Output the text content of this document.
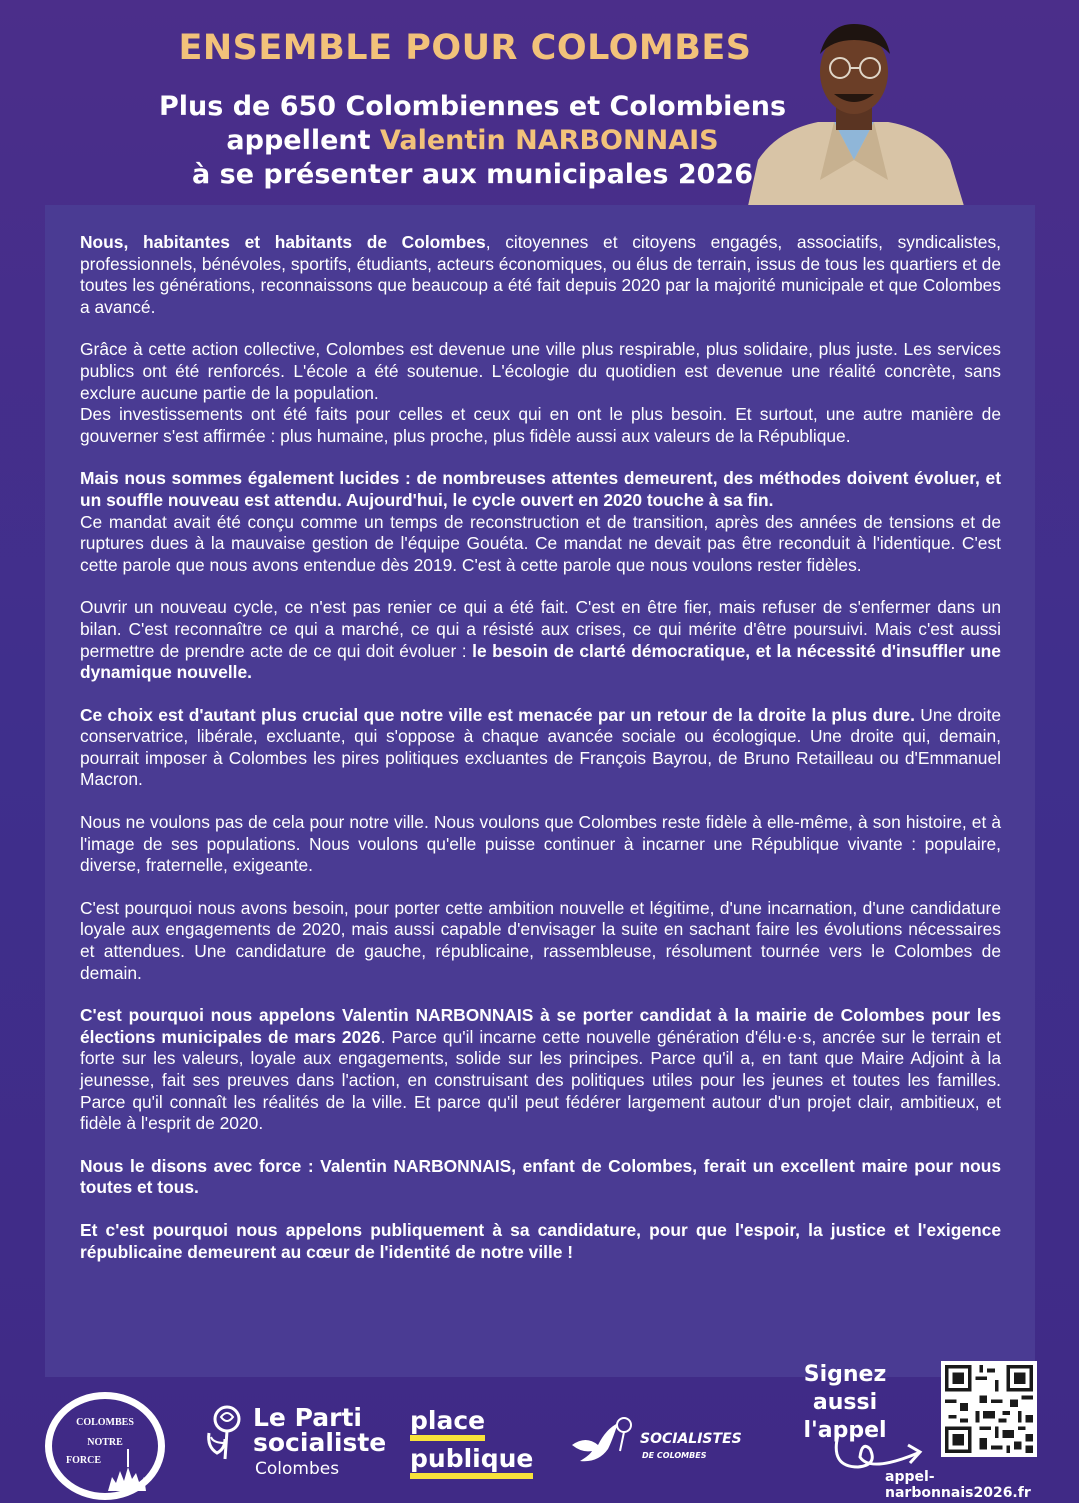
ENSEMBLE POUR COLOMBES
Plus de 650 Colombiennes et Colombiens
appellent Valentin NARBONNAIS
à se présenter aux municipales 2026

Nous, habitantes et habitants de Colombes, citoyennes et citoyens engagés, associatifs, syndicalistes, professionnels, bénévoles, sportifs, étudiants, acteurs économiques, ou élus de terrain, issus de tous les quartiers et de toutes les générations, reconnaissons que beaucoup a été fait depuis 2020 par la majorité municipale et que Colombes a avancé.

Grâce à cette action collective, Colombes est devenue une ville plus respirable, plus solidaire, plus juste. Les services publics ont été renforcés. L'école a été soutenue. L'écologie du quotidien est devenue une réalité concrète, sans exclure aucune partie de la population.
Des investissements ont été faits pour celles et ceux qui en ont le plus besoin. Et surtout, une autre manière de gouverner s'est affirmée : plus humaine, plus proche, plus fidèle aussi aux valeurs de la République.

Mais nous sommes également lucides : de nombreuses attentes demeurent, des méthodes doivent évoluer, et un souffle nouveau est attendu. Aujourd'hui, le cycle ouvert en 2020 touche à sa fin.
Ce mandat avait été conçu comme un temps de reconstruction et de transition, après des années de tensions et de ruptures dues à la mauvaise gestion de l'équipe Gouéta. Ce mandat ne devait pas être reconduit à l'identique. C'est cette parole que nous avons entendue dès 2019. C'est à cette parole que nous voulons rester fidèles.

Ouvrir un nouveau cycle, ce n'est pas renier ce qui a été fait. C'est en être fier, mais refuser de s'enfermer dans un bilan. C'est reconnaître ce qui a marché, ce qui a résisté aux crises, ce qui mérite d'être poursuivi. Mais c'est aussi permettre de prendre acte de ce qui doit évoluer : le besoin de clarté démocratique, et la nécessité d'insuffler une dynamique nouvelle.

Ce choix est d'autant plus crucial que notre ville est menacée par un retour de la droite la plus dure. Une droite conservatrice, libérale, excluante, qui s'oppose à chaque avancée sociale ou écologique. Une droite qui, demain, pourrait imposer à Colombes les pires politiques excluantes de François Bayrou, de Bruno Retailleau ou d'Emmanuel Macron.

Nous ne voulons pas de cela pour notre ville. Nous voulons que Colombes reste fidèle à elle-même, à son histoire, et à l'image de ses populations. Nous voulons qu'elle puisse continuer à incarner une République vivante : populaire, diverse, fraternelle, exigeante.

C'est pourquoi nous avons besoin, pour porter cette ambition nouvelle et légitime, d'une incarnation, d'une candidature loyale aux engagements de 2020, mais aussi capable d'envisager la suite en sachant faire les évolutions nécessaires et attendues. Une candidature de gauche, républicaine, rassembleuse, résolument tournée vers le Colombes de demain.

C'est pourquoi nous appelons Valentin NARBONNAIS à se porter candidat à la mairie de Colombes pour les élections municipales de mars 2026. Parce qu'il incarne cette nouvelle génération d'élu·e·s, ancrée sur le terrain et forte sur les valeurs, loyale aux engagements, solide sur les principes. Parce qu'il a, en tant que Maire Adjoint à la jeunesse, fait ses preuves dans l'action, en construisant des politiques utiles pour les jeunes et toutes les familles. Parce qu'il connaît les réalités de la ville. Et parce qu'il peut fédérer largement autour d'un projet clair, ambitieux, et fidèle à l'esprit de 2020.

Nous le disons avec force : Valentin NARBONNAIS, enfant de Colombes, ferait un excellent maire pour nous toutes et tous.

Et c'est pourquoi nous appelons publiquement à sa candidature, pour que l'espoir, la justice et l'exigence républicaine demeurent au cœur de l'identité de notre ville !

COLOMBES
NOTRE
FORCE
Le Parti
socialiste
Colombes
place
publique
SOCIALISTES
DE COLOMBES
Signez
aussi l'appel
appel-narbonnais2026.fr
